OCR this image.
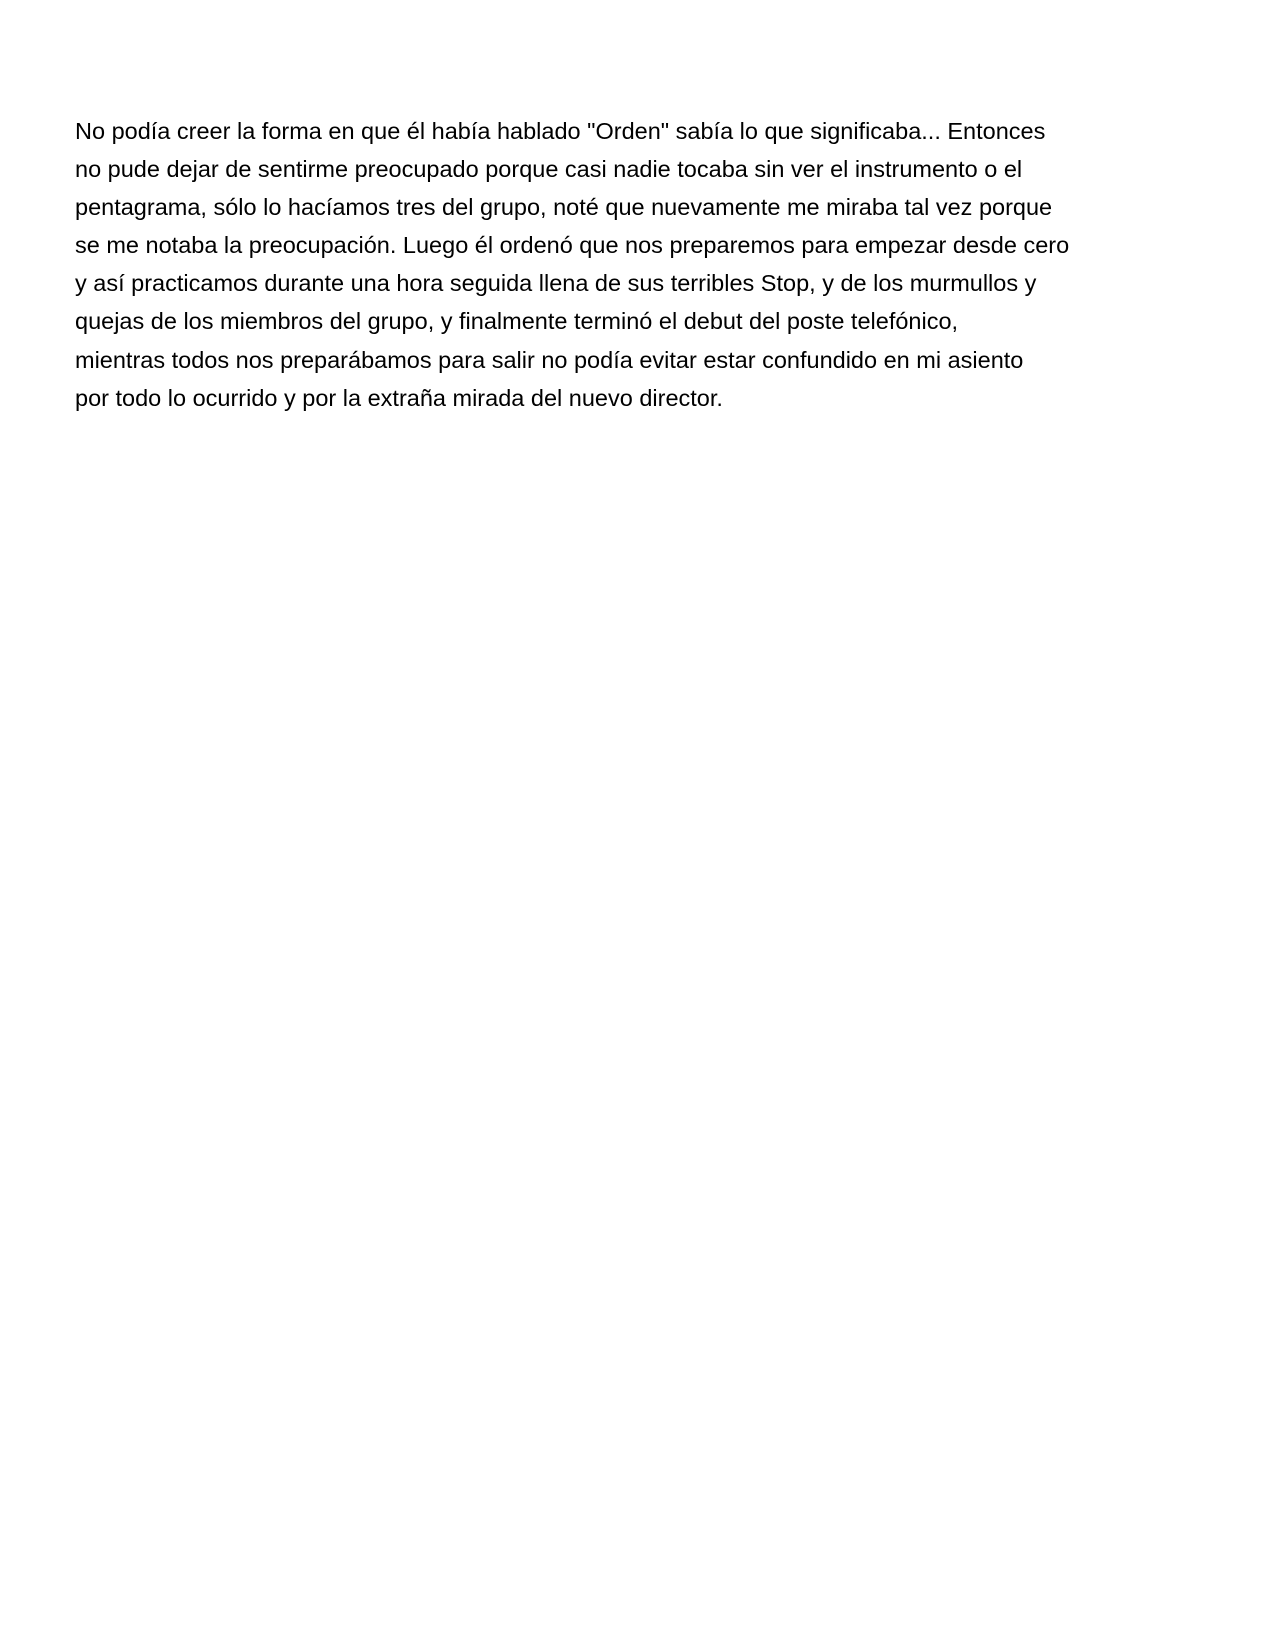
No podía creer la forma en que él había hablado "Orden" sabía lo que significaba... Entonces
no pude dejar de sentirme preocupado porque casi nadie tocaba sin ver el instrumento o el
pentagrama, sólo lo hacíamos tres del grupo, noté que nuevamente me miraba tal vez porque
se me notaba la preocupación. Luego él ordenó que nos preparemos para empezar desde cero
y así practicamos durante una hora seguida llena de sus terribles Stop, y de los murmullos y
quejas de los miembros del grupo, y finalmente terminó el debut del poste telefónico,
mientras todos nos preparábamos para salir no podía evitar estar confundido en mi asiento
por todo lo ocurrido y por la extraña mirada del nuevo director.
